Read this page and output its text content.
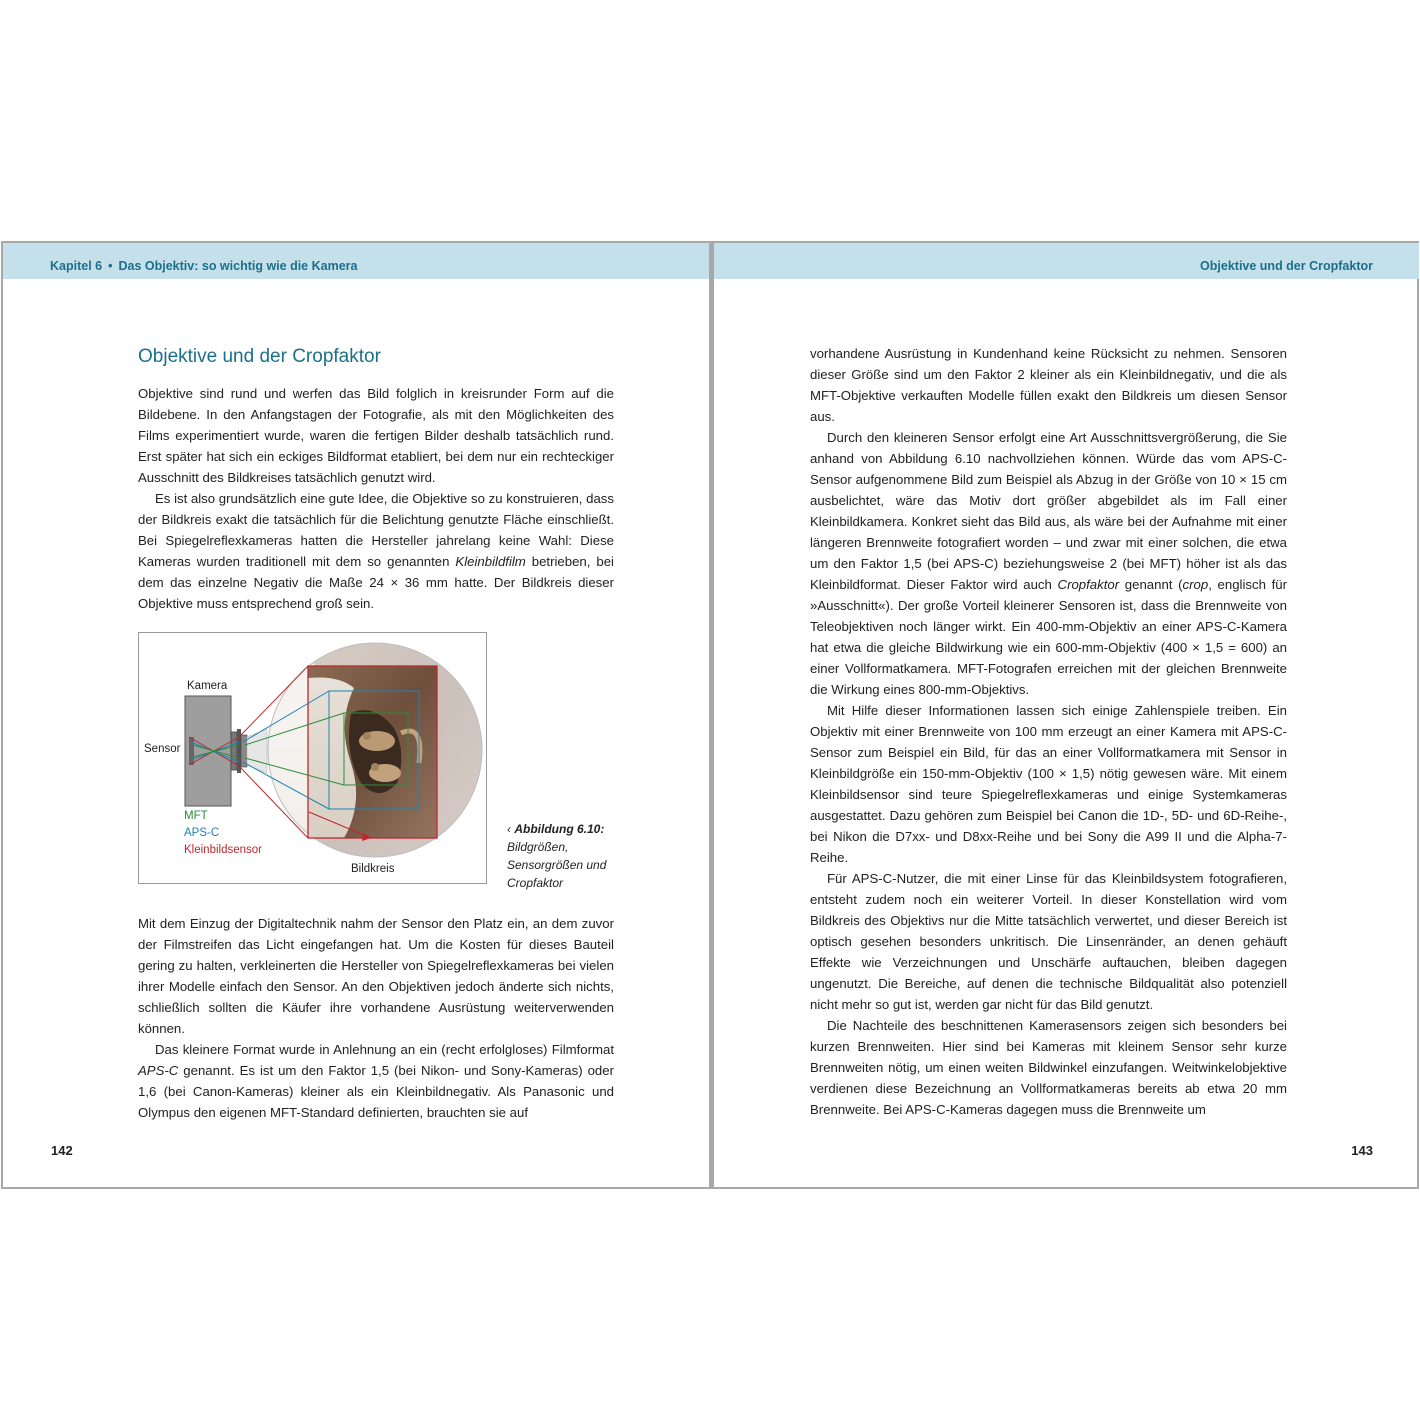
Kapitel 6 • Das Objektiv: so wichtig wie die Kamera
Objektive und der Cropfaktor

Objektive sind rund und werfen das Bild folglich in kreisrunder Form auf die Bildebene. In den Anfangstagen der Fotografie, als mit den Möglichkeiten des Films experimentiert wurde, waren die fertigen Bilder deshalb tatsächlich rund. Erst später hat sich ein eckiges Bildformat etabliert, bei dem nur ein rechteckiger Ausschnitt des Bildkreises tatsächlich genutzt wird.

Es ist also grundsätzlich eine gute Idee, die Objektive so zu konstruieren, dass der Bildkreis exakt die tatsächlich für die Belichtung genutzte Fläche einschließt. Bei Spiegelreflexkameras hatten die Hersteller jahrelang keine Wahl: Diese Kameras wurden traditionell mit dem so genannten Kleinbildfilm betrieben, bei dem das einzelne Negativ die Maße 24 × 36 mm hatte. Der Bildkreis dieser Objektive muss entsprechend groß sein.

Kamera
Sensor
MFT
APS-C
Kleinbildsensor
Bildkreis
‹ Abbildung 6.10: Bildgrößen, Sensorgrößen und Cropfaktor

Mit dem Einzug der Digitaltechnik nahm der Sensor den Platz ein, an dem zuvor der Filmstreifen das Licht eingefangen hat. Um die Kosten für dieses Bauteil gering zu halten, verkleinerten die Hersteller von Spiegelreflexkameras bei vielen ihrer Modelle einfach den Sensor. An den Objektiven jedoch änderte sich nichts, schließlich sollten die Käufer ihre vorhandene Ausrüstung weiterverwenden können.

Das kleinere Format wurde in Anlehnung an ein (recht erfolgloses) Filmformat APS-C genannt. Es ist um den Faktor 1,5 (bei Nikon- und Sony-Kameras) oder 1,6 (bei Canon-Kameras) kleiner als ein Kleinbildnegativ. Als Panasonic und Olympus den eigenen MFT-Standard definierten, brauchten sie auf

142
Objektive und der Cropfaktor

vorhandene Ausrüstung in Kundenhand keine Rücksicht zu nehmen. Sensoren dieser Größe sind um den Faktor 2 kleiner als ein Kleinbildnegativ, und die als MFT-Objektive verkauften Modelle füllen exakt den Bildkreis um diesen Sensor aus.

Durch den kleineren Sensor erfolgt eine Art Ausschnittsvergrößerung, die Sie anhand von Abbildung 6.10 nachvollziehen können. Würde das vom APS-C-Sensor aufgenommene Bild zum Beispiel als Abzug in der Größe von 10 × 15 cm ausbelichtet, wäre das Motiv dort größer abgebildet als im Fall einer Kleinbildkamera. Konkret sieht das Bild aus, als wäre bei der Aufnahme mit einer längeren Brennweite fotografiert worden – und zwar mit einer solchen, die etwa um den Faktor 1,5 (bei APS-C) beziehungsweise 2 (bei MFT) höher ist als das Kleinbildformat. Dieser Faktor wird auch Cropfaktor genannt (crop, englisch für »Ausschnitt«). Der große Vorteil kleinerer Sensoren ist, dass die Brennweite von Teleobjektiven noch länger wirkt. Ein 400-mm-Objektiv an einer APS-C-Kamera hat etwa die gleiche Bildwirkung wie ein 600-mm-Objektiv (400 × 1,5 = 600) an einer Vollformatkamera. MFT-Fotografen erreichen mit der gleichen Brennweite die Wirkung eines 800-mm-Objektivs.

Mit Hilfe dieser Informationen lassen sich einige Zahlenspiele treiben. Ein Objektiv mit einer Brennweite von 100 mm erzeugt an einer Kamera mit APS-C-Sensor zum Beispiel ein Bild, für das an einer Vollformatkamera mit Sensor in Kleinbildgröße ein 150-mm-Objektiv (100 × 1,5) nötig gewesen wäre. Mit einem Kleinbildsensor sind teure Spiegelreflexkameras und einige Systemkameras ausgestattet. Dazu gehören zum Beispiel bei Canon die 1D-, 5D- und 6D-Reihe-, bei Nikon die D7xx- und D8xx-Reihe und bei Sony die A99 II und die Alpha-7-Reihe.

Für APS-C-Nutzer, die mit einer Linse für das Kleinbildsystem fotografieren, entsteht zudem noch ein weiterer Vorteil. In dieser Konstellation wird vom Bildkreis des Objektivs nur die Mitte tatsächlich verwertet, und dieser Bereich ist optisch gesehen besonders unkritisch. Die Linsenränder, an denen gehäuft Effekte wie Verzeichnungen und Unschärfe auftauchen, bleiben dagegen ungenutzt. Die Bereiche, auf denen die technische Bildqualität also potenziell nicht mehr so gut ist, werden gar nicht für das Bild genutzt.

Die Nachteile des beschnittenen Kamerasensors zeigen sich besonders bei kurzen Brennweiten. Hier sind bei Kameras mit kleinem Sensor sehr kurze Brennweiten nötig, um einen weiten Bildwinkel einzufangen. Weitwinkelobjektive verdienen diese Bezeichnung an Vollformatkameras bereits ab etwa 20 mm Brennweite. Bei APS-C-Kameras dagegen muss die Brennweite um

143
